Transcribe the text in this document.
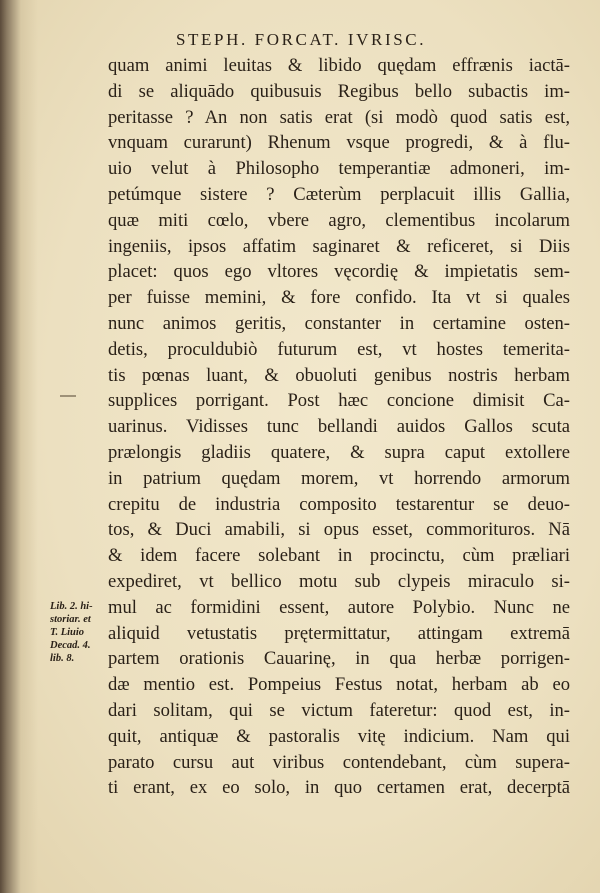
STEPH. FORCAT. IVRISC.
quam animi leuitas & libido quędam effrænis iactā-
di se aliquādo quibusuis Regibus bello subactis im-
peritasse ? An non satis erat (si modò quod satis est,
vnquam curarunt) Rhenum vsque progredi, & à flu-
uio velut à Philosopho temperantiæ admoneri, im-
petúmque sistere ? Cæterùm perplacuit illis Gallia,
quæ miti cœlo, vbere agro, clementibus incolarum
ingeniis, ipsos affatim saginaret & reficeret, si Diis
placet: quos ego vltores vęcordię & impietatis sem-
per fuisse memini, & fore confido. Ita vt si quales
nunc animos geritis, constanter in certamine osten-
detis, proculdubiò futurum est, vt hostes temerita-
tis pœnas luant, & obuoluti genibus nostris herbam
supplices porrigant. Post hæc concione dimisit Ca-
uarinus. Vidisses tunc bellandi auidos Gallos scuta
prælongis gladiis quatere, & supra caput extollere
in patrium quędam morem, vt horrendo armorum
crepitu de industria composito testarentur se deuo-
tos, & Duci amabili, si opus esset, commorituros. Nā
& idem facere solebant in procinctu, cùm præliari
expediret, vt bellico motu sub clypeis miraculo si-
mul ac formidini essent, autore Polybio. Nunc ne
aliquid vetustatis prętermittatur, attingam extremā
partem orationis Cauarinę, in qua herbæ porrigen-
dæ mentio est. Pompeius Festus notat, herbam ab eo
dari solitam, qui se victum fateretur: quod est, in-
quit, antiquæ & pastoralis vitę indicium. Nam qui
parato cursu aut viribus contendebant, cùm supera-
ti erant, ex eo solo, in quo certamen erat, decerptā
Lib. 2. hi-
storiar. et
T. Liuio
Decad. 4.
lib. 8.
